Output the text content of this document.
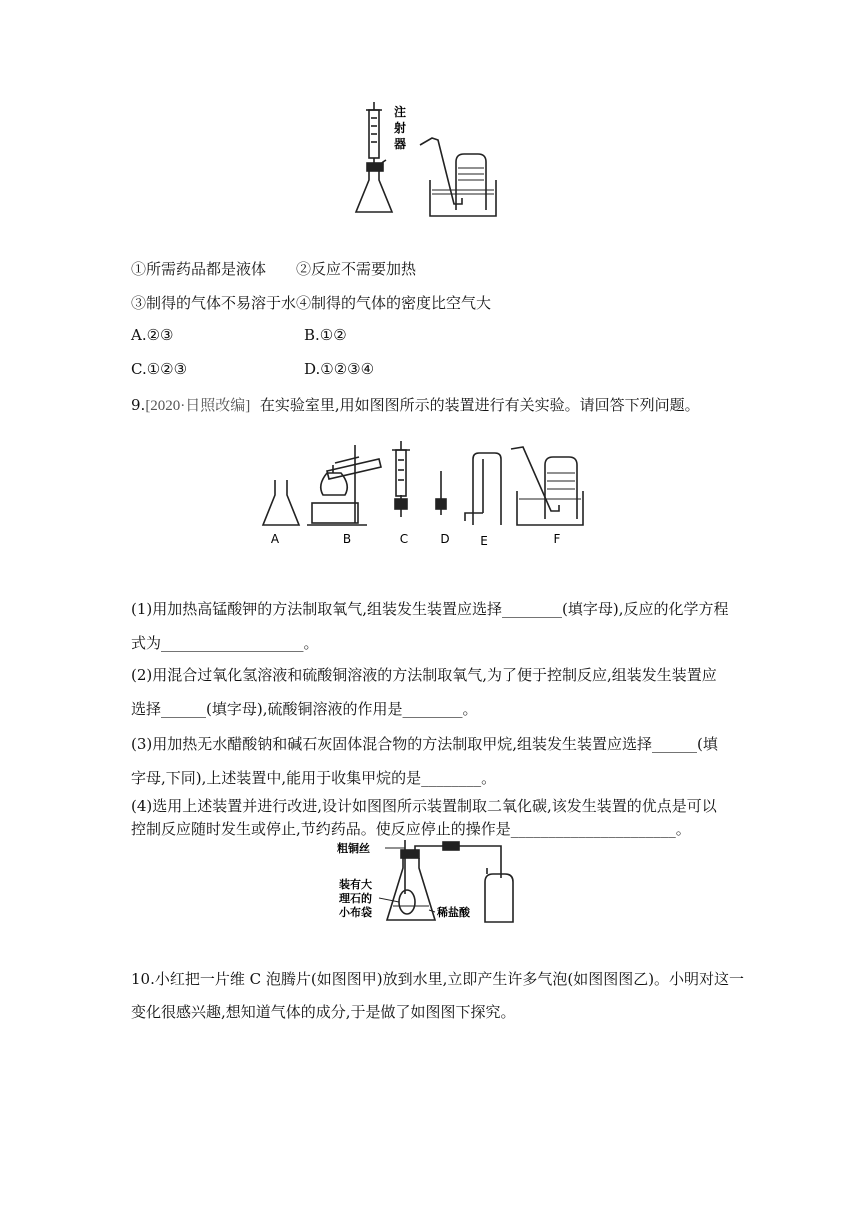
注
射
器
①所需药品都是液体　　②反应不需要加热
③制得的气体不易溶于水④制得的气体的密度比空气大
A.②③	B.①②
C.①②③	D.①②③④
9.[2020·日照改编] 在实验室里,用如图图所示的装置进行有关实验。请回答下列问题。
A	B	C	D	E	F
(1)用加热高锰酸钾的方法制取氧气,组装发生装置应选择________(填字母),反应的化学方程
式为___________________。
(2)用混合过氧化氢溶液和硫酸铜溶液的方法制取氧气,为了便于控制反应,组装发生装置应
选择______(填字母),硫酸铜溶液的作用是________。
(3)用加热无水醋酸钠和碱石灰固体混合物的方法制取甲烷,组装发生装置应选择______(填
字母,下同),上述装置中,能用于收集甲烷的是________。
(4)选用上述装置并进行改进,设计如图图所示装置制取二氧化碳,该发生装置的优点是可以
控制反应随时发生或停止,节约药品。使反应停止的操作是______________________。
粗铜丝
装有大
理石的
小布袋	稀盐酸
10.小红把一片维 C 泡腾片(如图图甲)放到水里,立即产生许多气泡(如图图图乙)。小明对这一
变化很感兴趣,想知道气体的成分,于是做了如图图下探究。
